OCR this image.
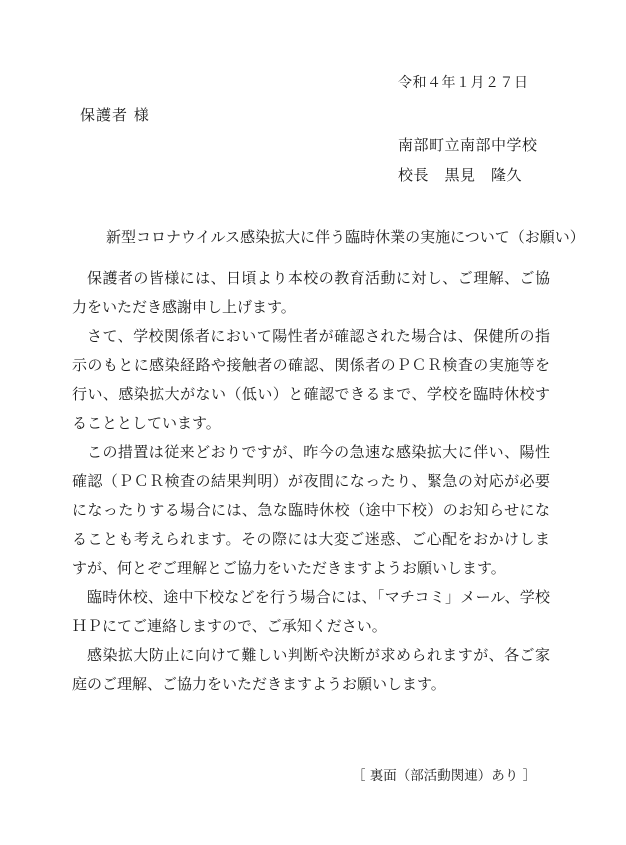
令和４年１月２７日
保護者 様
南部町立南部中学校
校長　黒見　隆久
新型コロナウイルス感染拡大に伴う臨時休業の実施について（お願い）

保護者の皆様には、日頃より本校の教育活動に対し、ご理解、ご協力をいただき感謝申し上げます。

さて、学校関係者において陽性者が確認された場合は、保健所の指示のもとに感染経路や接触者の確認、関係者のＰＣＲ検査の実施等を行い、感染拡大がない（低い）と確認できるまで、学校を臨時休校することとしています。

この措置は従来どおりですが、昨今の急速な感染拡大に伴い、陽性確認（ＰＣＲ検査の結果判明）が夜間になったり、緊急の対応が必要になったりする場合には、急な臨時休校（途中下校）のお知らせになることも考えられます。その際には大変ご迷惑、ご心配をおかけしますが、何とぞご理解とご協力をいただきますようお願いします。

臨時休校、途中下校などを行う場合には、「マチコミ」メール、学校ＨＰにてご連絡しますので、ご承知ください。

感染拡大防止に向けて難しい判断や決断が求められますが、各ご家庭のご理解、ご協力をいただきますようお願いします。

［ 裏面（部活動関連）あり ］
